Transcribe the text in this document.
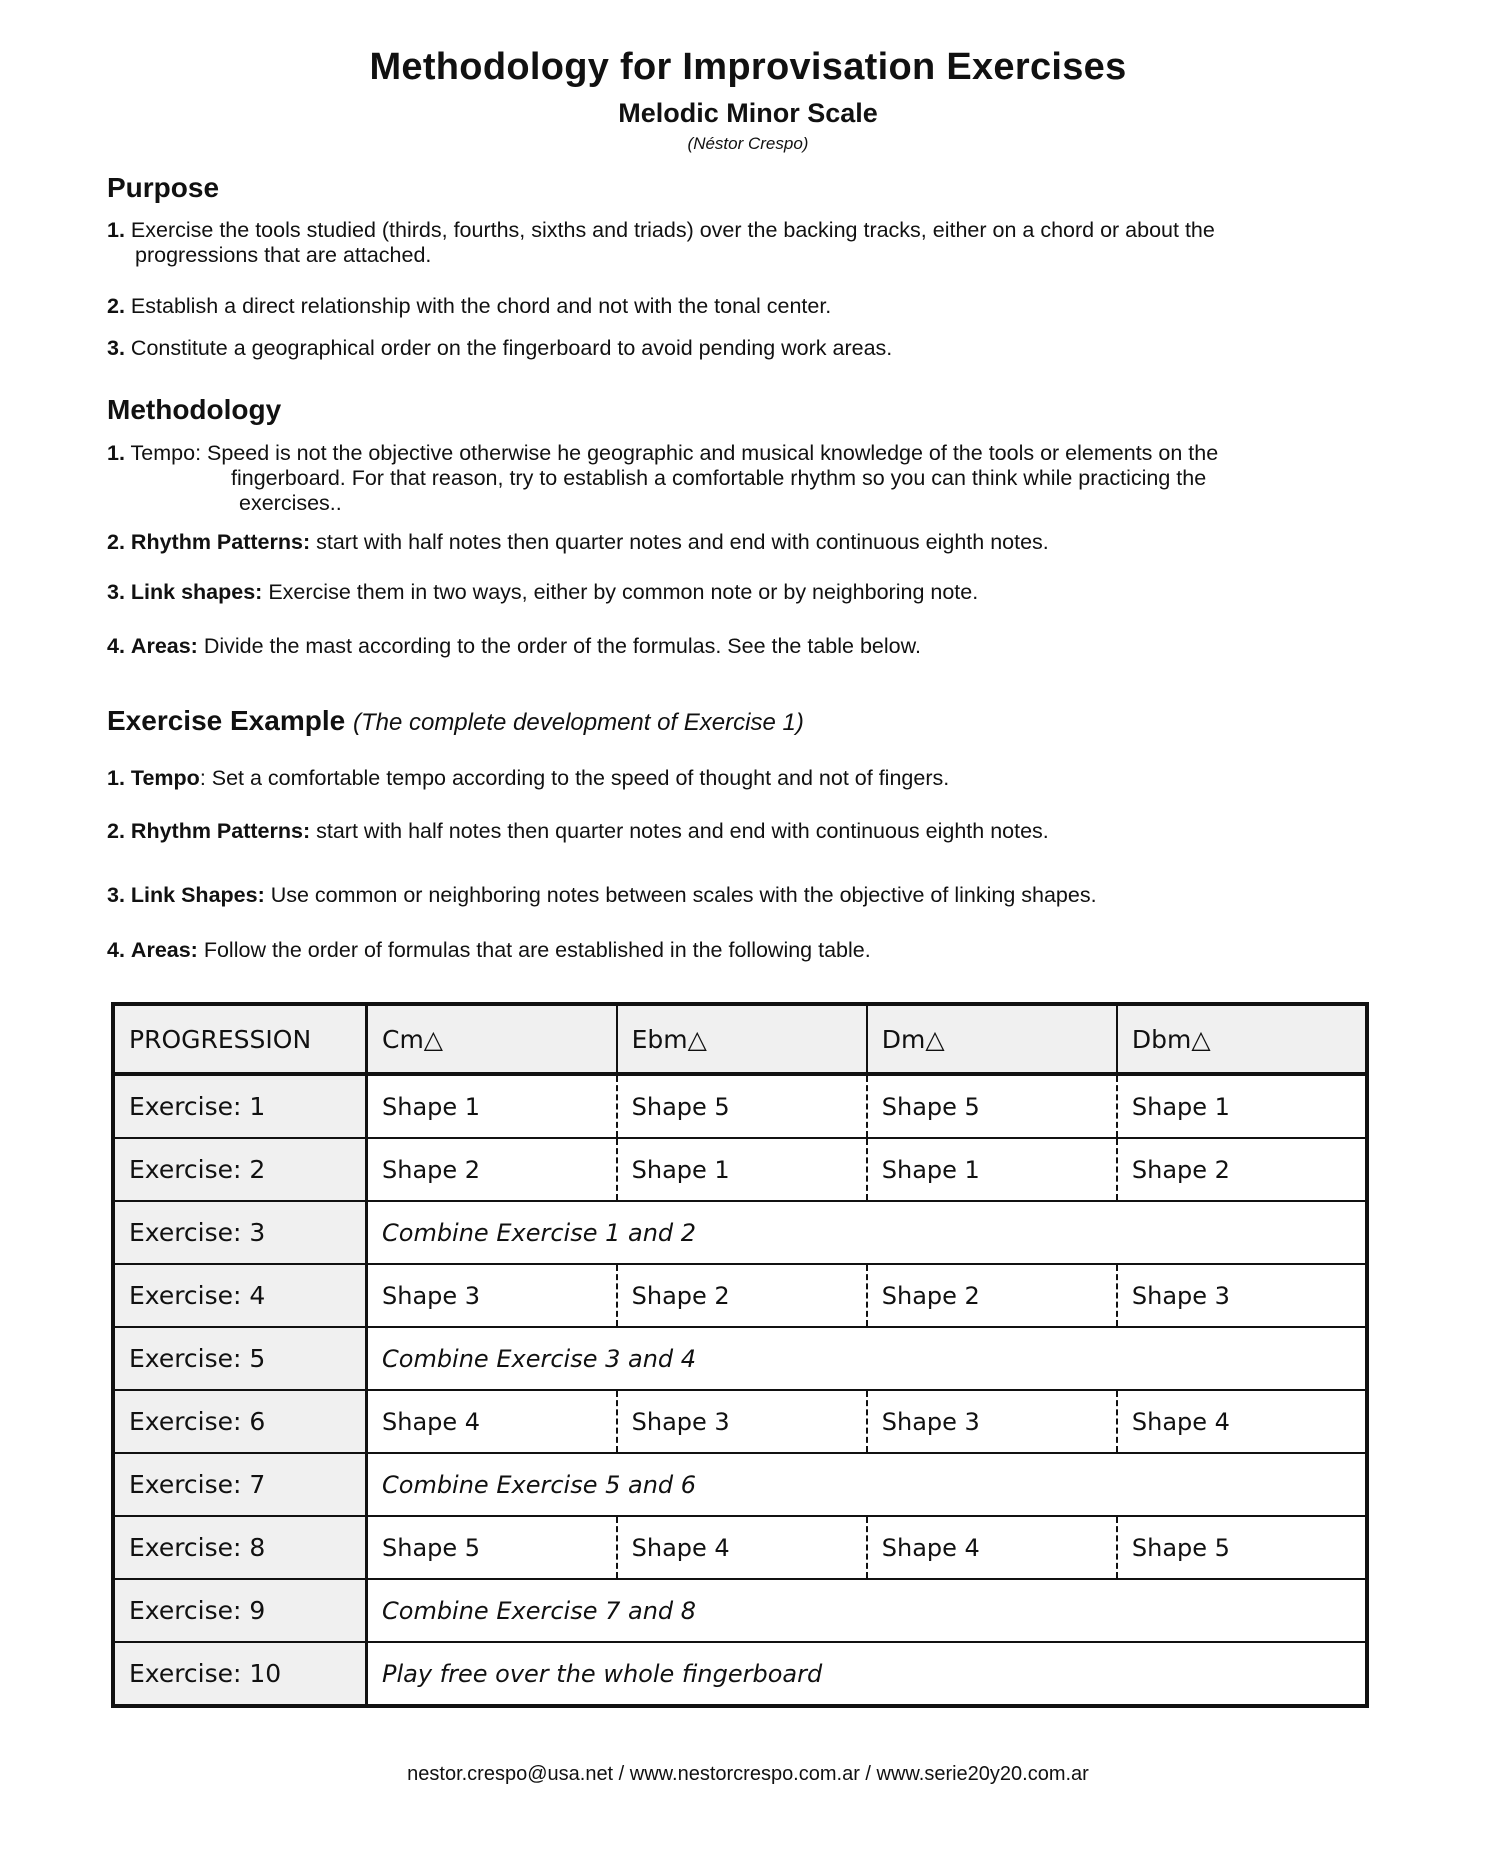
Methodology for Improvisation Exercises
Melodic Minor Scale
(Néstor Crespo)
Purpose
1. Exercise the tools studied (thirds, fourths, sixths and triads) over the backing tracks, either on a chord or about the
progressions that are attached.
2. Establish a direct relationship with the chord and not with the tonal center.
3. Constitute a geographical order on the fingerboard to avoid pending work areas.
Methodology
1. Tempo: Speed is not the objective otherwise he geographic and musical knowledge of the tools or elements on the
fingerboard. For that reason, try to establish a comfortable rhythm so you can think while practicing the
exercises..
2. Rhythm Patterns: start with half notes then quarter notes and end with continuous eighth notes.
3. Link shapes: Exercise them in two ways, either by common note or by neighboring note.
4. Areas: Divide the mast according to the order of the formulas. See the table below.
Exercise Example (The complete development of Exercise 1)
1. Tempo: Set a comfortable tempo according to the speed of thought and not of fingers.
2. Rhythm Patterns: start with half notes then quarter notes and end with continuous eighth notes.
3. Link Shapes: Use common or neighboring notes between scales with the objective of linking shapes.
4. Areas: Follow the order of formulas that are established in the following table.
PROGRESSION	Cm△	Ebm△	Dm△	Dbm△
Exercise: 1	Shape 1	Shape 5	Shape 5	Shape 1
Exercise: 2	Shape 2	Shape 1	Shape 1	Shape 2
Exercise: 3	Combine Exercise 1 and 2			
Exercise: 4	Shape 3	Shape 2	Shape 2	Shape 3
Exercise: 5	Combine Exercise 3 and 4			
Exercise: 6	Shape 4	Shape 3	Shape 3	Shape 4
Exercise: 7	Combine Exercise 5 and 6			
Exercise: 8	Shape 5	Shape 4	Shape 4	Shape 5
Exercise: 9	Combine Exercise 7 and 8			
Exercise: 10	Play free over the whole fingerboard			
nestor.crespo@usa.net / www.nestorcrespo.com.ar / www.serie20y20.com.ar
